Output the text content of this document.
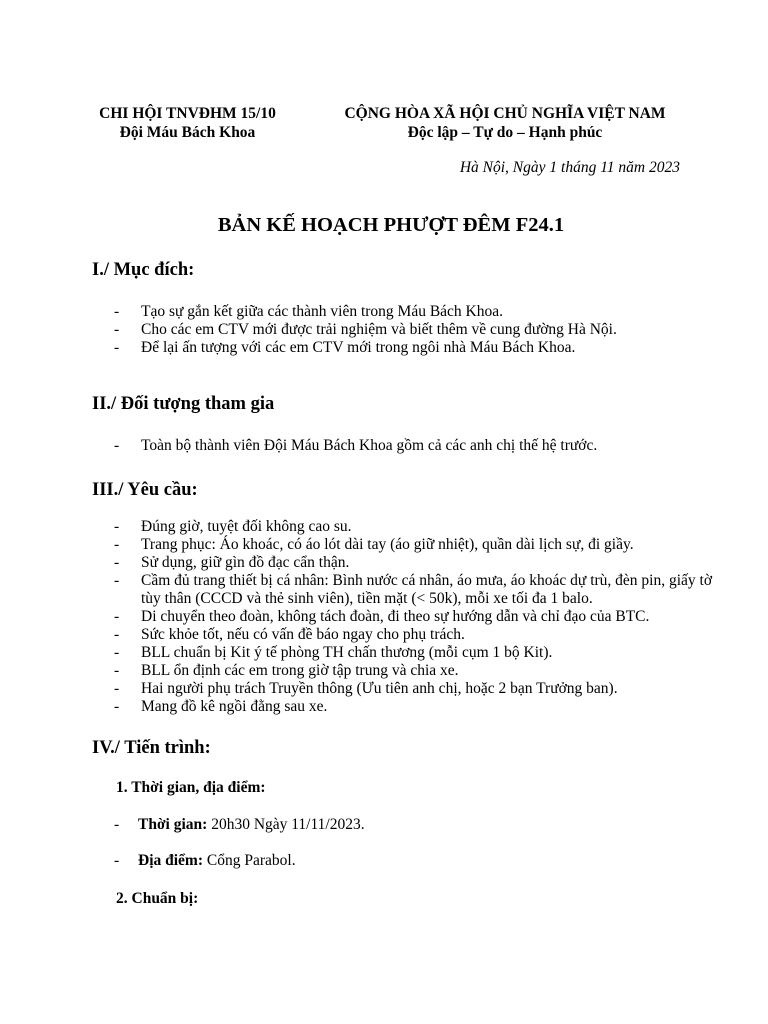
CHI HỘI TNVĐHM 15/10
Đội Máu Bách Khoa
CỘNG HÒA XÃ HỘI CHỦ NGHĨA VIỆT NAM
Độc lập – Tự do – Hạnh phúc
Hà Nội, Ngày 1 tháng 11 năm 2023
BẢN KẾ HOẠCH PHƯỢT ĐÊM F24.1
I./ Mục đích:
- Tạo sự gắn kết giữa các thành viên trong Máu Bách Khoa.
- Cho các em CTV mới được trải nghiệm và biết thêm về cung đường Hà Nội.
- Để lại ấn tượng với các em CTV mới trong ngôi nhà Máu Bách Khoa.
II./ Đối tượng tham gia
- Toàn bộ thành viên Đội Máu Bách Khoa gồm cả các anh chị thế hệ trước.
III./ Yêu cầu:
- Đúng giờ, tuyệt đối không cao su.
- Trang phục: Áo khoác, có áo lót dài tay (áo giữ nhiệt), quần dài lịch sự, đi giầy.
- Sử dụng, giữ gìn đồ đạc cẩn thận.
- Cầm đủ trang thiết bị cá nhân: Bình nước cá nhân, áo mưa, áo khoác dự trù, đèn pin, giấy tờ tùy thân (CCCD và thẻ sinh viên), tiền mặt (< 50k), mỗi xe tối đa 1 balo.
- Di chuyển theo đoàn, không tách đoàn, đi theo sự hướng dẫn và chỉ đạo của BTC.
- Sức khỏe tốt, nếu có vấn đề báo ngay cho phụ trách.
- BLL chuẩn bị Kit ý tế phòng TH chấn thương (mỗi cụm 1 bộ Kit).
- BLL ổn định các em trong giờ tập trung và chia xe.
- Hai người phụ trách Truyền thông (Ưu tiên anh chị, hoặc 2 bạn Trưởng ban).
- Mang đồ kê ngồi đằng sau xe.
IV./ Tiến trình:
1. Thời gian, địa điểm:
- Thời gian: 20h30 Ngày 11/11/2023.
- Địa điểm: Cổng Parabol.
2. Chuẩn bị:
